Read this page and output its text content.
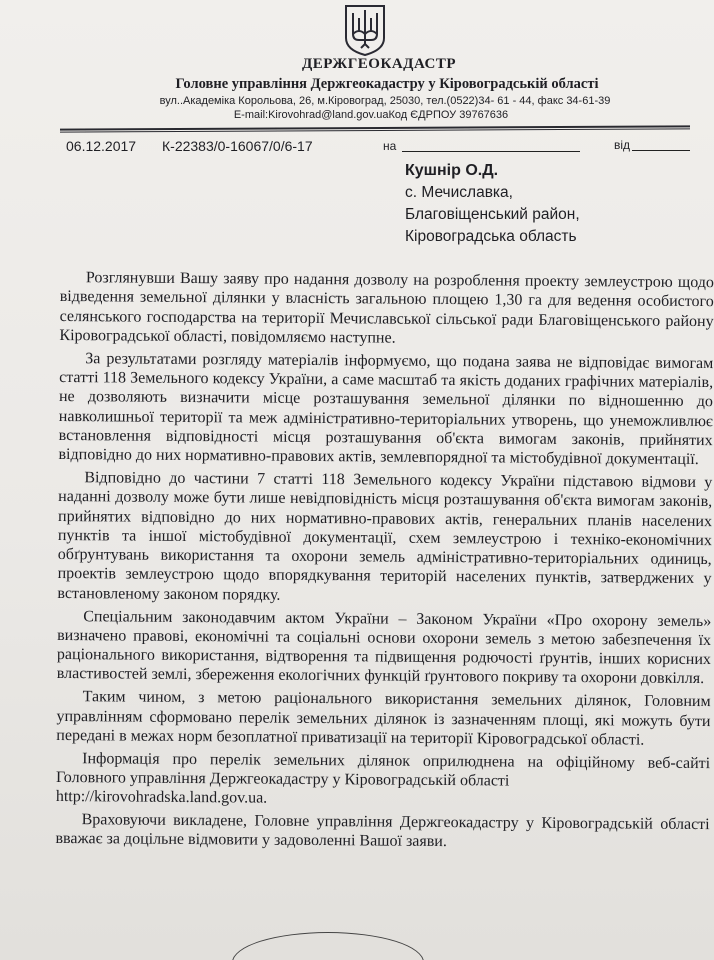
ДЕРЖГЕОКАДАСТР
Головне управління Держгеокадастру у Кіровоградській області
вул..Академіка Корольова, 26, м.Кіровоград, 25030, тел.(0522)34- 61 - 44, факс 34-61-39
E-mail:Kirovohrad@land.gov.uaКод ЄДРПОУ 39767636
06.12.2017 К-22383/0-16067/0/6-17	на	від
Кушнір О.Д.
с. Мечиславка,
Благовіщенський район,
Кіровоградська область

Розглянувши Вашу заяву про надання дозволу на розроблення проекту землеустрою щодо відведення земельної ділянки у власність загальною площею 1,30 га для ведення особистого селянського господарства на території Мечиславської сільської ради Благовіщенського району Кіровоградської області, повідомляємо наступне.

За результатами розгляду матеріалів інформуємо, що подана заява не відповідає вимогам статті 118 Земельного кодексу України, а саме масштаб та якість доданих графічних матеріалів, не дозволяють визначити місце розташування земельної ділянки по відношенню до навколишньої території та меж адміністративно-територіальних утворень, що унеможливлює встановлення відповідності місця розташування об'єкта вимогам законів, прийнятих відповідно до них нормативно-правових актів, землевпорядної та містобудівної документації.

Відповідно до частини 7 статті 118 Земельного кодексу України підставою відмови у наданні дозволу може бути лише невідповідність місця розташування об'єкта вимогам законів, прийнятих відповідно до них нормативно-правових актів, генеральних планів населених пунктів та іншої містобудівної документації, схем землеустрою і техніко-економічних обґрунтувань використання та охорони земель адміністративно-територіальних одиниць, проектів землеустрою щодо впорядкування територій населених пунктів, затверджених у встановленому законом порядку.

Спеціальним законодавчим актом України – Законом України «Про охорону земель» визначено правові, економічні та соціальні основи охорони земель з метою забезпечення їх раціонального використання, відтворення та підвищення родючості ґрунтів, інших корисних властивостей землі, збереження екологічних функцій ґрунтового покриву та охорони довкілля.

Таким чином, з метою раціонального використання земельних ділянок, Головним управлінням сформовано перелік земельних ділянок із зазначенням площі, які можуть бути передані в межах норм безоплатної приватизації на території Кіровоградської області.

Інформація про перелік земельних ділянок оприлюднена на офіційному веб-сайті Головного управління Держгеокадастру у Кіровоградській області

http://kirovohradska.land.gov.ua.

Враховуючи викладене, Головне управління Держгеокадастру у Кіровоградській області вважає за доцільне відмовити у задоволенні Вашої заяви.
